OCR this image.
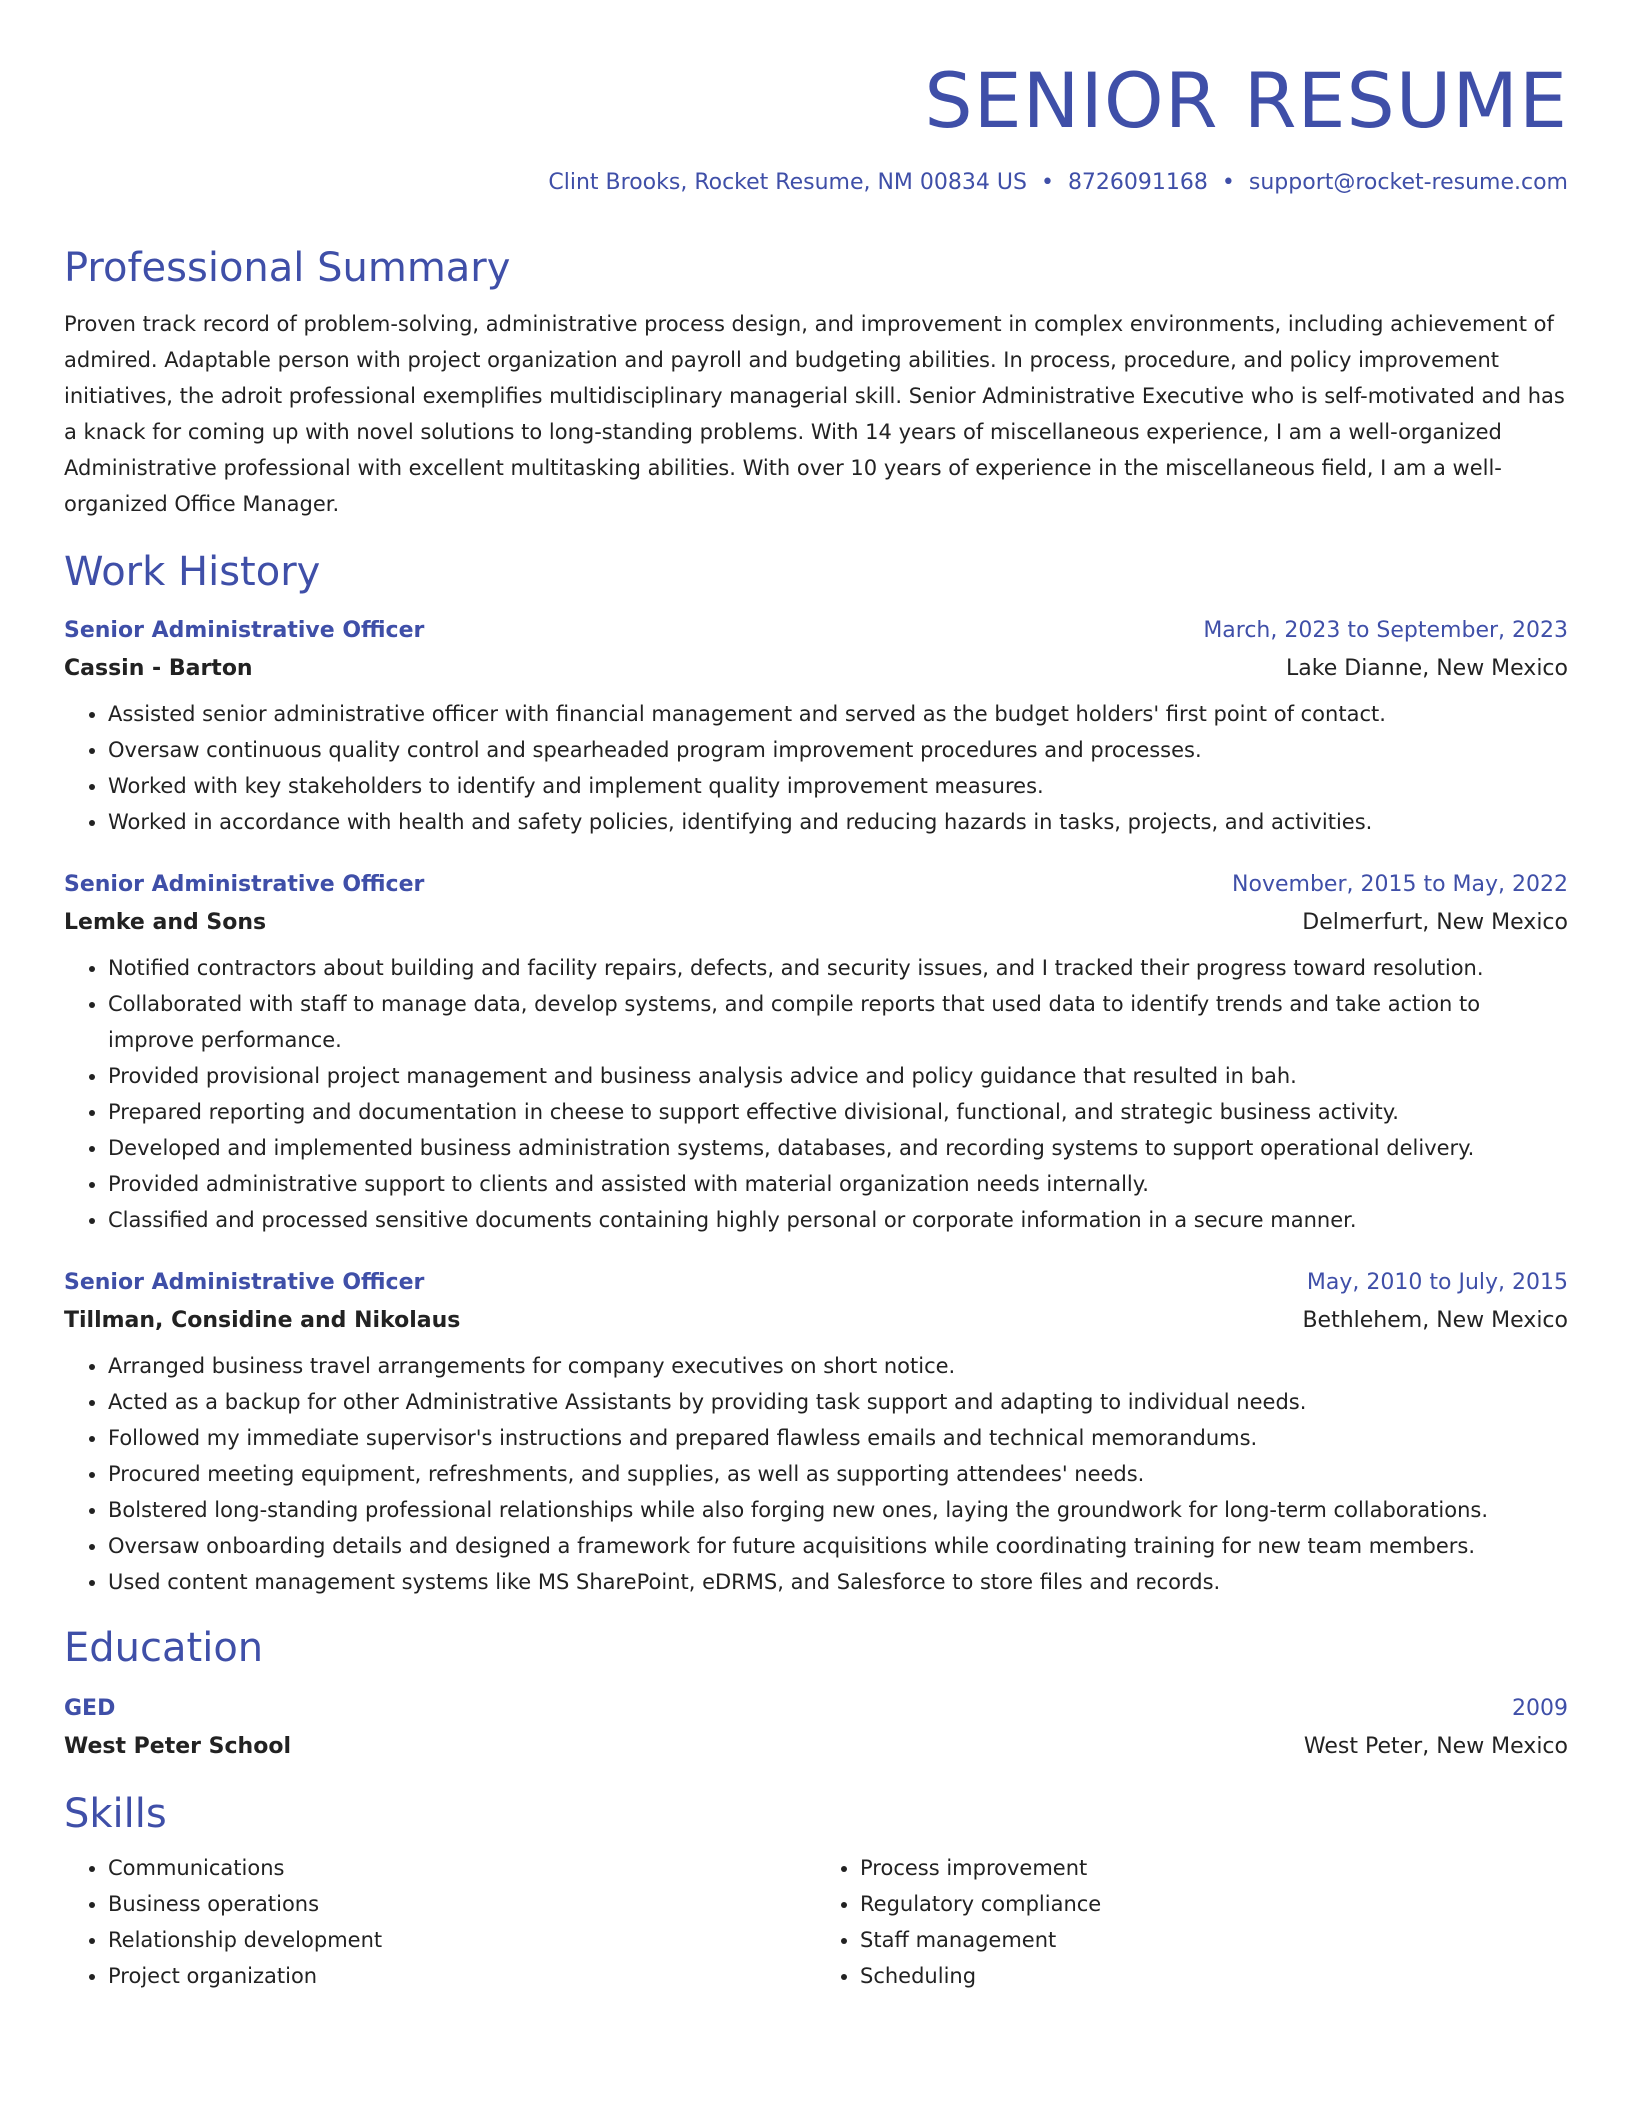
SENIOR RESUME
Clint Brooks, Rocket Resume, NM 00834 US • 8726091168 • support@rocket-resume.com
Professional Summary
Proven track record of problem-solving, administrative process design, and improvement in complex environments, including achievement of admired. Adaptable person with project organization and payroll and budgeting abilities. In process, procedure, and policy improvement initiatives, the adroit professional exemplifies multidisciplinary managerial skill. Senior Administrative Executive who is self-motivated and has a knack for coming up with novel solutions to long-standing problems. With 14 years of miscellaneous experience, I am a well-organized Administrative professional with excellent multitasking abilities. With over 10 years of experience in the miscellaneous field, I am a well-organized Office Manager.
Work History
Senior Administrative Officer	March, 2023 to September, 2023
Cassin - Barton	Lake Dianne, New Mexico
• Assisted senior administrative officer with financial management and served as the budget holders' first point of contact.
• Oversaw continuous quality control and spearheaded program improvement procedures and processes.
• Worked with key stakeholders to identify and implement quality improvement measures.
• Worked in accordance with health and safety policies, identifying and reducing hazards in tasks, projects, and activities.
Senior Administrative Officer	November, 2015 to May, 2022
Lemke and Sons	Delmerfurt, New Mexico
• Notified contractors about building and facility repairs, defects, and security issues, and I tracked their progress toward resolution.
• Collaborated with staff to manage data, develop systems, and compile reports that used data to identify trends and take action to improve performance.
• Provided provisional project management and business analysis advice and policy guidance that resulted in bah.
• Prepared reporting and documentation in cheese to support effective divisional, functional, and strategic business activity.
• Developed and implemented business administration systems, databases, and recording systems to support operational delivery.
• Provided administrative support to clients and assisted with material organization needs internally.
• Classified and processed sensitive documents containing highly personal or corporate information in a secure manner.
Senior Administrative Officer	May, 2010 to July, 2015
Tillman, Considine and Nikolaus	Bethlehem, New Mexico
• Arranged business travel arrangements for company executives on short notice.
• Acted as a backup for other Administrative Assistants by providing task support and adapting to individual needs.
• Followed my immediate supervisor's instructions and prepared flawless emails and technical memorandums.
• Procured meeting equipment, refreshments, and supplies, as well as supporting attendees' needs.
• Bolstered long-standing professional relationships while also forging new ones, laying the groundwork for long-term collaborations.
• Oversaw onboarding details and designed a framework for future acquisitions while coordinating training for new team members.
• Used content management systems like MS SharePoint, eDRMS, and Salesforce to store files and records.
Education
GED	2009
West Peter School	West Peter, New Mexico
Skills
• Communications
• Business operations
• Relationship development
• Project organization
• Process improvement
• Regulatory compliance
• Staff management
• Scheduling
